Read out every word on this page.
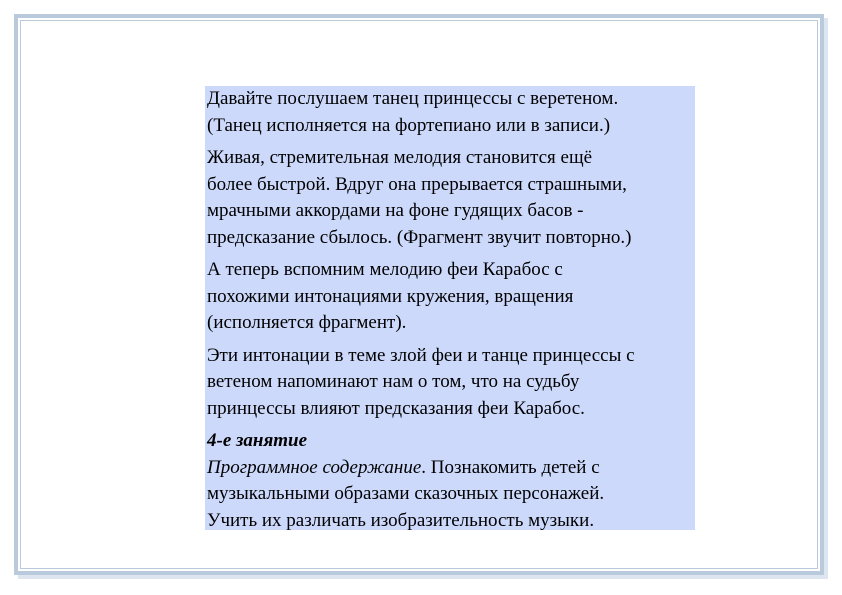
Давайте послушаем танец принцессы с веретеном.
(Танец исполняется на фортепиано или в записи.)

Живая, стремительная мелодия становится ещё
более быстрой. Вдруг она прерывается страшными,
мрачными аккордами на фоне гудящих басов -
предсказание сбылось. (Фрагмент звучит повторно.)

А теперь вспомним мелодию феи Карабос с
похожими интонациями кружения, вращения
(исполняется фрагмент).

Эти интонации в теме злой феи и танце принцессы с
ветеном напоминают нам о том, что на судьбу
принцессы влияют предсказания феи Карабос.

4-е занятие

Программное содержание. Познакомить детей с
музыкальными образами сказочных персонажей.
Учить их различать изобразительность музыки.
